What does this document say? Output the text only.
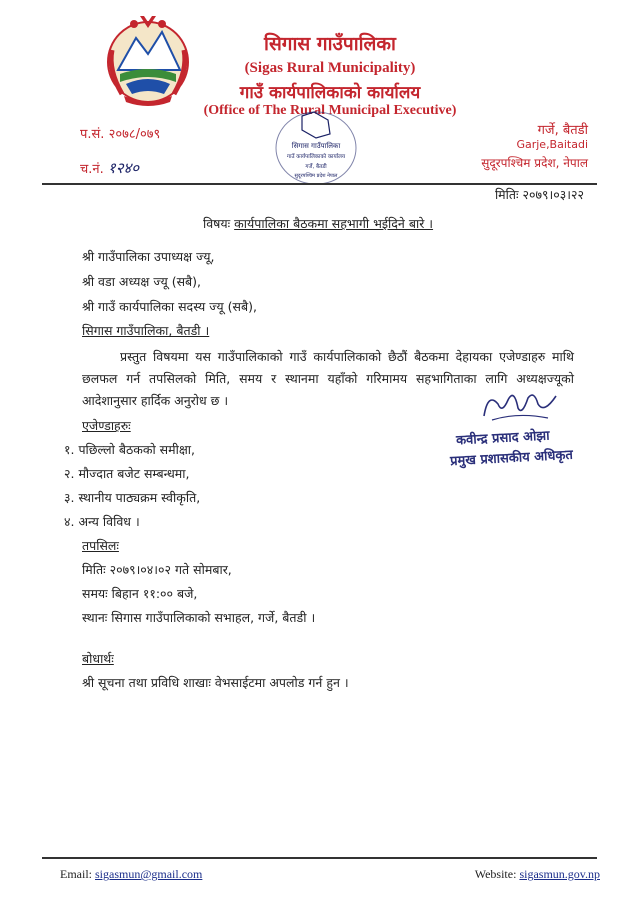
सिगास गाउँपालिका
(Sigas Rural Municipality)
गाउँ कार्यपालिकाको कार्यालय
(Office of The Rural Municipal Executive)
प.सं. २०७८/०७९
च.नं. १२४०
गर्जे, बैतडी
Garje,Baitadi
सुदूरपश्चिम प्रदेश, नेपाल
सिगास गाउँपालिका
गाउँ कार्यपालिकाको कार्यालय
गर्जे, बैतडी
सुदूरपश्चिम प्रदेश नेपाल
मितिः २०७९।०३।२२
विषयः कार्यपालिका बैठकमा सहभागी भईदिने बारे ।
श्री गाउँपालिका उपाध्यक्ष ज्यू,
श्री वडा अध्यक्ष ज्यू (सबै),
श्री गाउँ कार्यपालिका सदस्य ज्यू (सबै),
सिगास गाउँपालिका, बैतडी ।
प्रस्तुत विषयमा यस गाउँपालिकाको गाउँ कार्यपालिकाको छैठौं बैठकमा देहायका एजेण्डाहरु माथि छलफल गर्न तपसिलको मिति, समय र स्थानमा यहाँको गरिमामय सहभागिताका लागि अध्यक्षज्यूको आदेशानुसार हार्दिक अनुरोध छ ।
एजेण्डाहरुः
१. पछिल्लो बैठकको समीक्षा,
२. मौज्दात बजेट सम्बन्धमा,
३. स्थानीय पाठ्यक्रम स्वीकृति,
४. अन्य विविध ।
कवीन्द्र प्रसाद ओझा
प्रमुख प्रशासकीय अधिकृत
तपसिलः
मितिः २०७९।०४।०२ गते सोमबार,
समयः बिहान ११:०० बजे,
स्थानः सिगास गाउँपालिकाको सभाहल, गर्जे, बैतडी ।
बोधार्थः
श्री सूचना तथा प्रविधि शाखाः वेभसाईटमा अपलोड गर्न हुन ।
Email: sigasmun@gmail.com	Website: sigasmun.gov.np
